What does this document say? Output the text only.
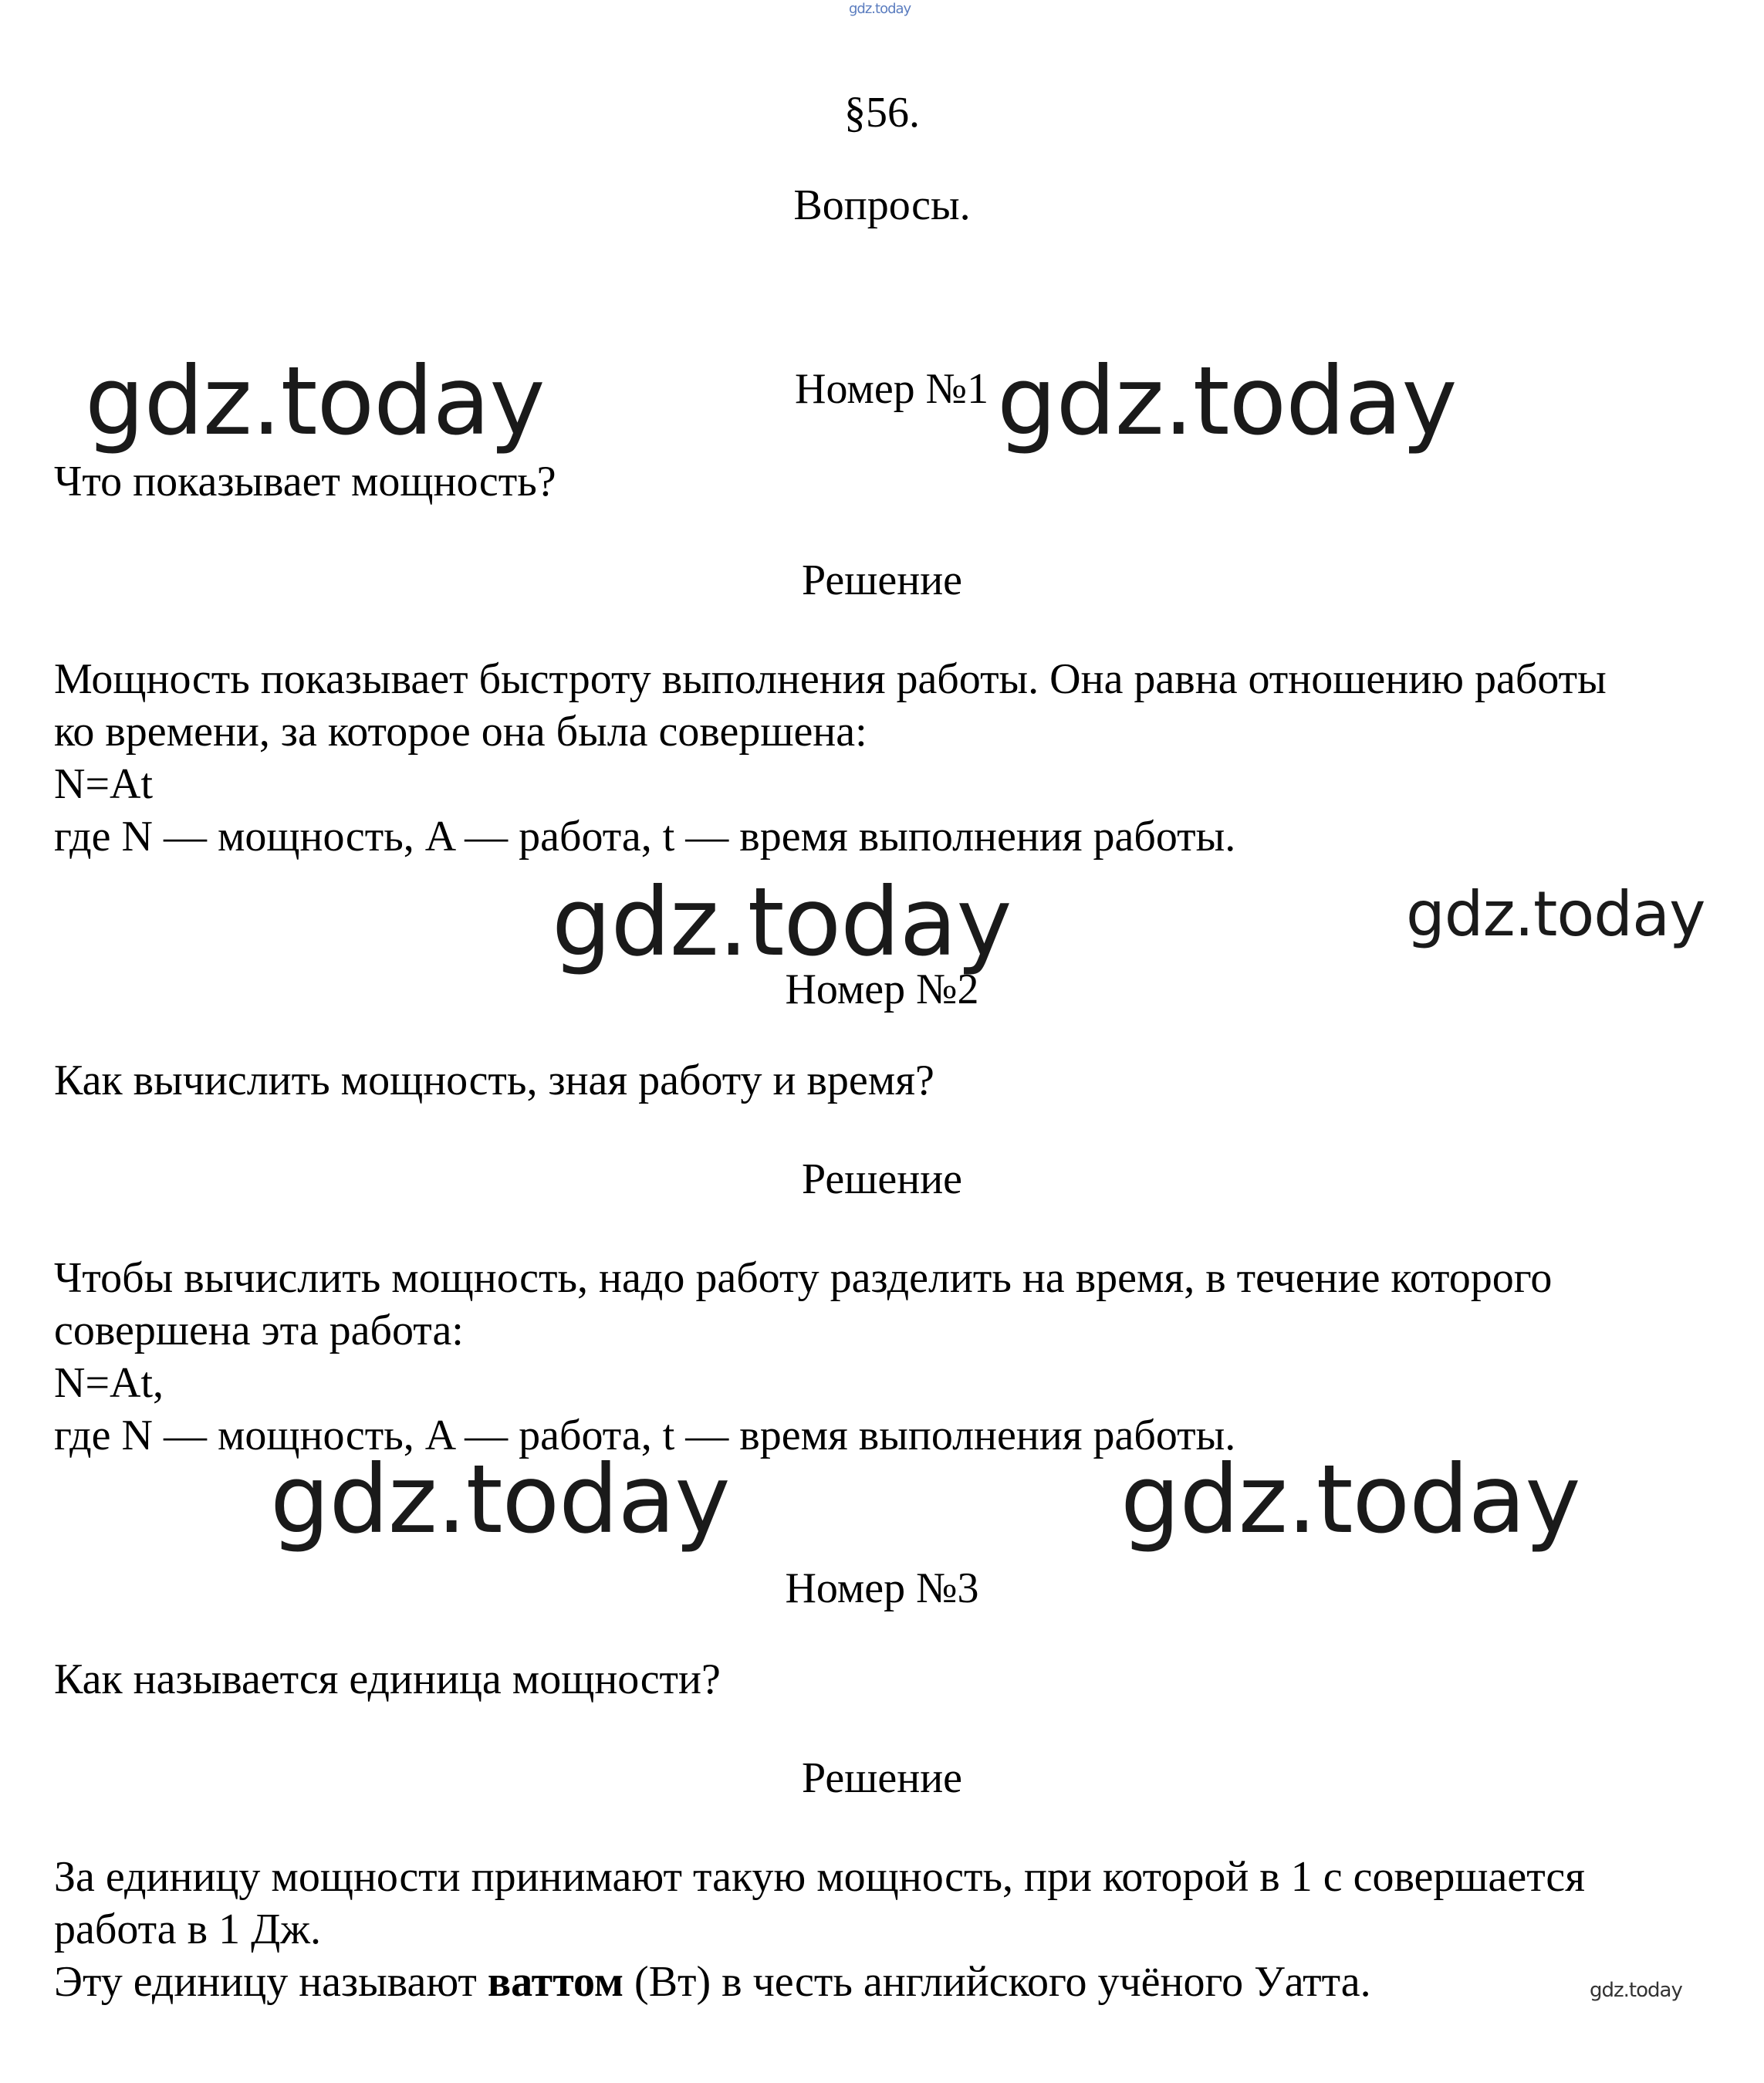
gdz.today
§56.
Вопросы.
gdz.today	Номер №1 gdz.today
Что показывает мощность?
Решение
Мощность показывает быстроту выполнения работы. Она равна отношению работы
ко времени, за которое она была совершена:
N=At
где N — мощность, A — работа, t — время выполнения работы.
gdz.today	gdz.today
Номер №2
Как вычислить мощность, зная работу и время?
Решение
Чтобы вычислить мощность, надо работу разделить на время, в течение которого
совершена эта работа:
N=At,
где N — мощность, A — работа, t — время выполнения работы.
gdz.today	gdz.today
Номер №3
Как называется единица мощности?
Решение
За единицу мощности принимают такую мощность, при которой в 1 с совершается
работа в 1 Дж.
Эту единицу называют ваттом (Вт) в честь английского учёного Уатта.	gdz.today
